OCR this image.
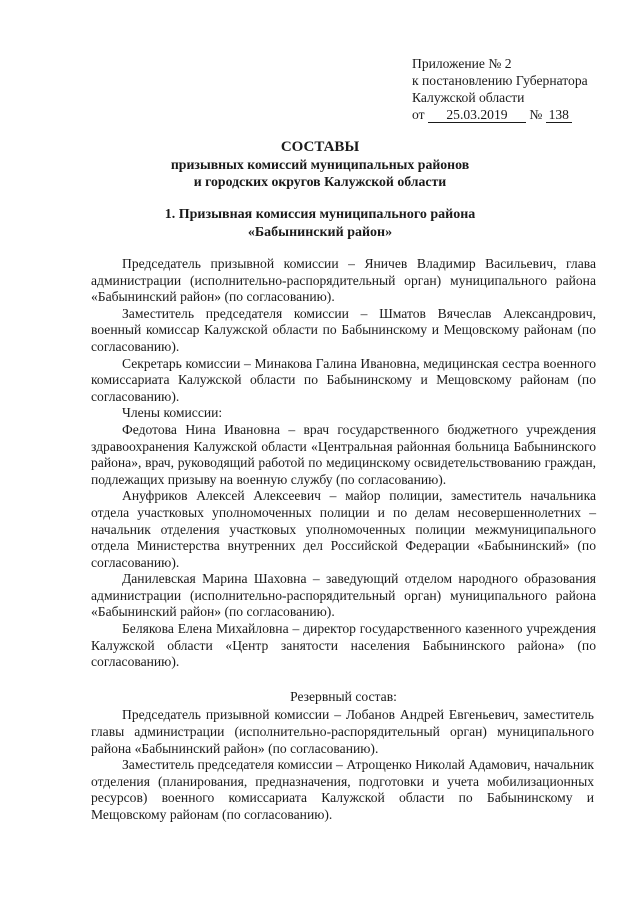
Приложение № 2
к постановлению Губернатора
Калужской области
от 25.03.2019 № 138
СОСТАВЫ
призывных комиссий муниципальных районов
и городских округов Калужской области
1. Призывная комиссия муниципального района
«Бабынинский район»

Председатель призывной комиссии – Яничев Владимир Васильевич, глава администрации (исполнительно-распорядительный орган) муниципального района «Бабынинский район» (по согласованию).

Заместитель председателя комиссии – Шматов Вячеслав Александрович, военный комиссар Калужской области по Бабынинскому и Мещовскому районам (по согласованию).

Секретарь комиссии – Минакова Галина Ивановна, медицинская сестра военного комиссариата Калужской области по Бабынинскому и Мещовскому районам (по согласованию).

Члены комиссии:

Федотова Нина Ивановна – врач государственного бюджетного учреждения здравоохранения Калужской области «Центральная районная больница Бабынинского района», врач, руководящий работой по медицинскому освидетельствованию граждан, подлежащих призыву на военную службу (по согласованию).

Ануфриков Алексей Алексеевич – майор полиции, заместитель начальника отдела участковых уполномоченных полиции и по делам несовершеннолетних – начальник отделения участковых уполномоченных полиции межмуниципального отдела Министерства внутренних дел Российской Федерации «Бабынинский» (по согласованию).

Данилевская Марина Шаховна – заведующий отделом народного образования администрации (исполнительно-распорядительный орган) муниципального района «Бабынинский район» (по согласованию).

Белякова Елена Михайловна – директор государственного казенного учреждения Калужской области «Центр занятости населения Бабынинского района» (по согласованию).

Резервный состав:

Председатель призывной комиссии – Лобанов Андрей Евгеньевич, заместитель главы администрации (исполнительно-распорядительный орган) муниципального района «Бабынинский район» (по согласованию).

Заместитель председателя комиссии – Атрощенко Николай Адамович, начальник отделения (планирования, предназначения, подготовки и учета мобилизационных ресурсов) военного комиссариата Калужской области по Бабынинскому и Мещовскому районам (по согласованию).
